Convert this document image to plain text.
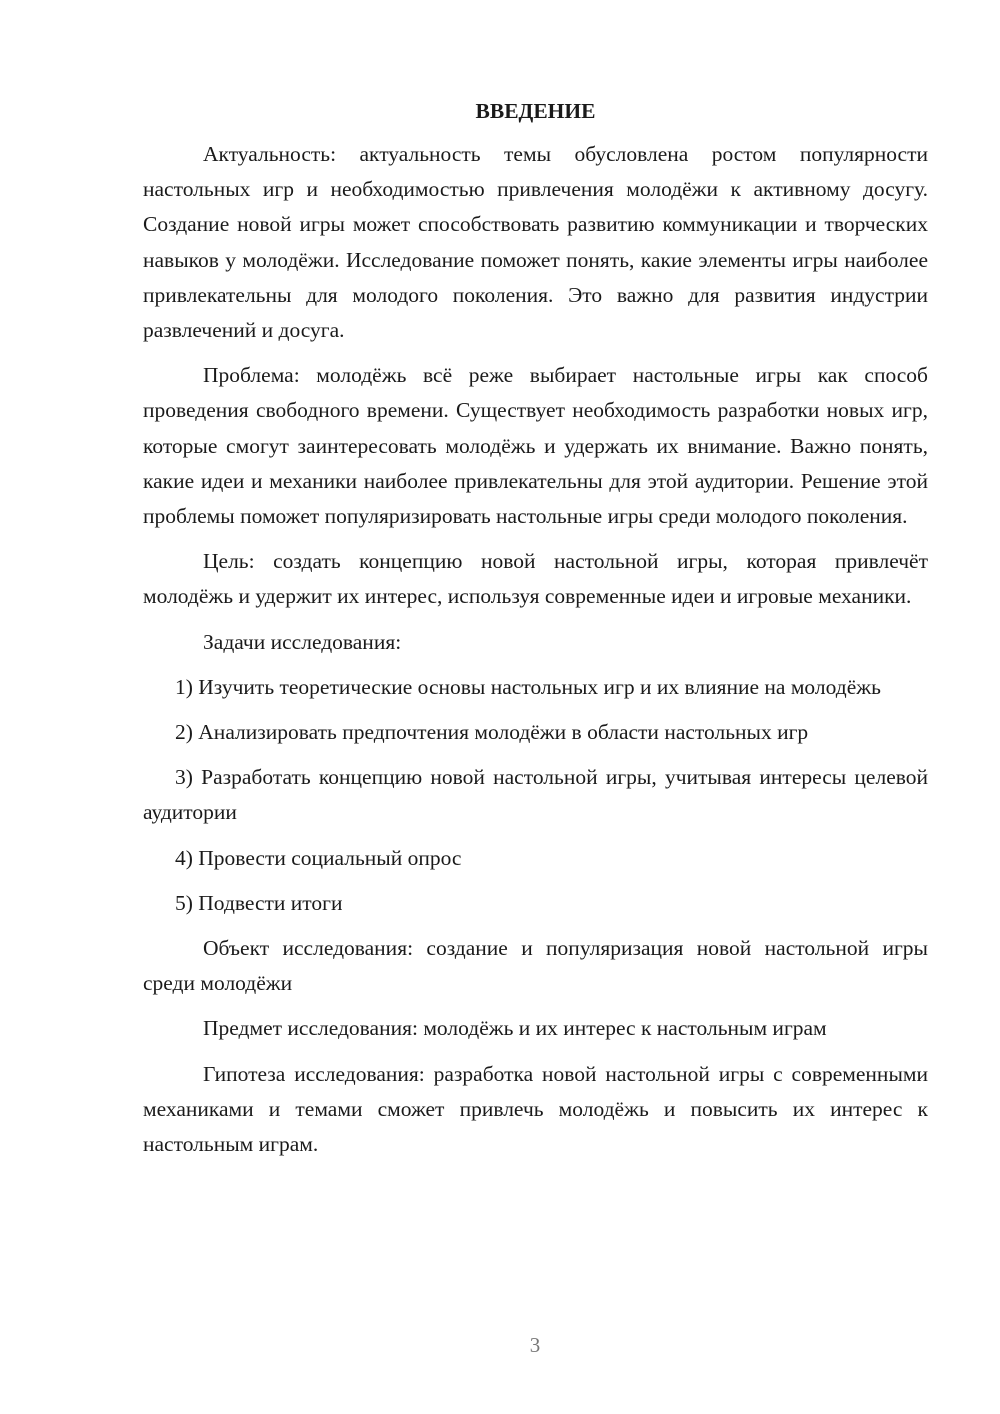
ВВЕДЕНИЕ

Актуальность: актуальность темы обусловлена ростом популярности настольных игр и необходимостью привлечения молодёжи к активному досугу. Создание новой игры может способствовать развитию коммуникации и творческих навыков у молодёжи. Исследование поможет понять, какие элементы игры наиболее привлекательны для молодого поколения. Это важно для развития индустрии развлечений и досуга.

Проблема: молодёжь всё реже выбирает настольные игры как способ проведения свободного времени. Существует необходимость разработки новых игр, которые смогут заинтересовать молодёжь и удержать их внимание. Важно понять, какие идеи и механики наиболее привлекательны для этой аудитории. Решение этой проблемы поможет популяризировать настольные игры среди молодого поколения.

Цель: создать концепцию новой настольной игры, которая привлечёт молодёжь и удержит их интерес, используя современные идеи и игровые механики.

Задачи исследования:

1) Изучить теоретические основы настольных игр и их влияние на молодёжь

2) Анализировать предпочтения молодёжи в области настольных игр

3) Разработать концепцию новой настольной игры, учитывая интересы целевой аудитории

4) Провести социальный опрос

5) Подвести итоги

Объект исследования: создание и популяризация новой настольной игры среди молодёжи

Предмет исследования: молодёжь и их интерес к настольным играм

Гипотеза исследования: разработка новой настольной игры с современными механиками и темами сможет привлечь молодёжь и повысить их интерес к настольным играм.

3
